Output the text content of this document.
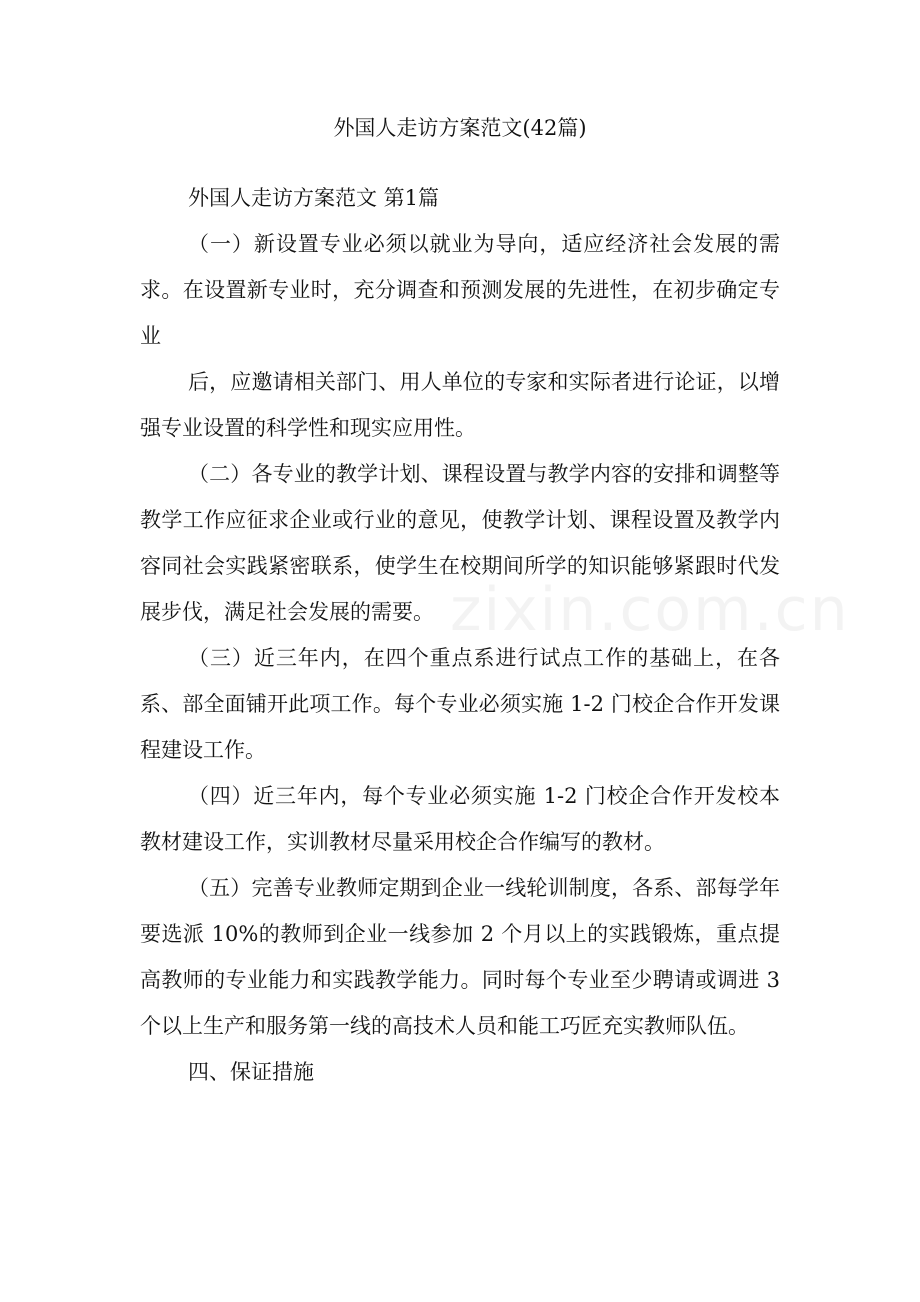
外国人走访方案范文(42篇)

外国人走访方案范文 第1篇

（一）新设置专业必须以就业为导向，适应经济社会发展的需求。在设置新专业时，充分调查和预测发展的先进性，在初步确定专业

后，应邀请相关部门、用人单位的专家和实际者进行论证，以增强专业设置的科学性和现实应用性。

（二）各专业的教学计划、课程设置与教学内容的安排和调整等教学工作应征求企业或行业的意见，使教学计划、课程设置及教学内容同社会实践紧密联系，使学生在校期间所学的知识能够紧跟时代发展步伐，满足社会发展的需要。

（三）近三年内，在四个重点系进行试点工作的基础上，在各系、部全面铺开此项工作。每个专业必须实施 1-2 门校企合作开发课程建设工作。

（四）近三年内，每个专业必须实施 1-2 门校企合作开发校本教材建设工作，实训教材尽量采用校企合作编写的教材。

（五）完善专业教师定期到企业一线轮训制度，各系、部每学年要选派 10%的教师到企业一线参加 2 个月以上的实践锻炼，重点提高教师的专业能力和实践教学能力。同时每个专业至少聘请或调进 3 个以上生产和服务第一线的高技术人员和能工巧匠充实教师队伍。

四、保证措施

zixin.com.cn
